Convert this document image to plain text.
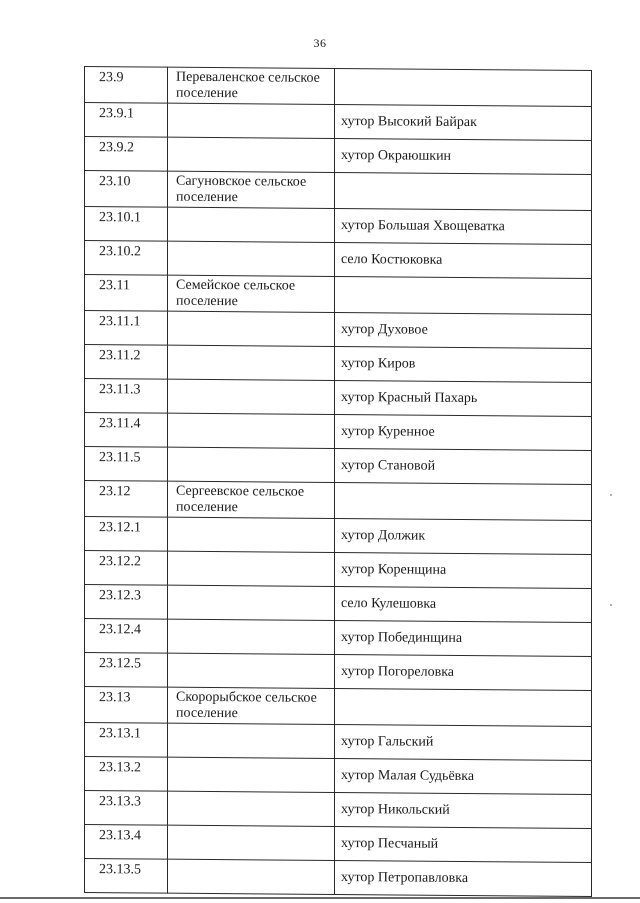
36
23.9	Переваленское сельское поселение	
23.9.1		хутор Высокий Байрак
23.9.2		хутор Окраюшкин
23.10	Сагуновское сельское поселение	
23.10.1		хутор Большая Хвощеватка
23.10.2		село Костюковка
23.11	Семейское сельское поселение	
23.11.1		хутор Духовое
23.11.2		хутор Киров
23.11.3		хутор Красный Пахарь
23.11.4		хутор Куренное
23.11.5		хутор Становой
23.12	Сергеевское сельское поселение	
23.12.1		хутор Должик
23.12.2		хутор Коренщина
23.12.3		село Кулешовка
23.12.4		хутор Побединщина
23.12.5		хутор Погореловка
23.13	Скорорыбское сельское поселение	
23.13.1		хутор Гальский
23.13.2		хутор Малая Судьёвка
23.13.3		хутор Никольский
23.13.4		хутор Песчаный
23.13.5		хутор Петропавловка
